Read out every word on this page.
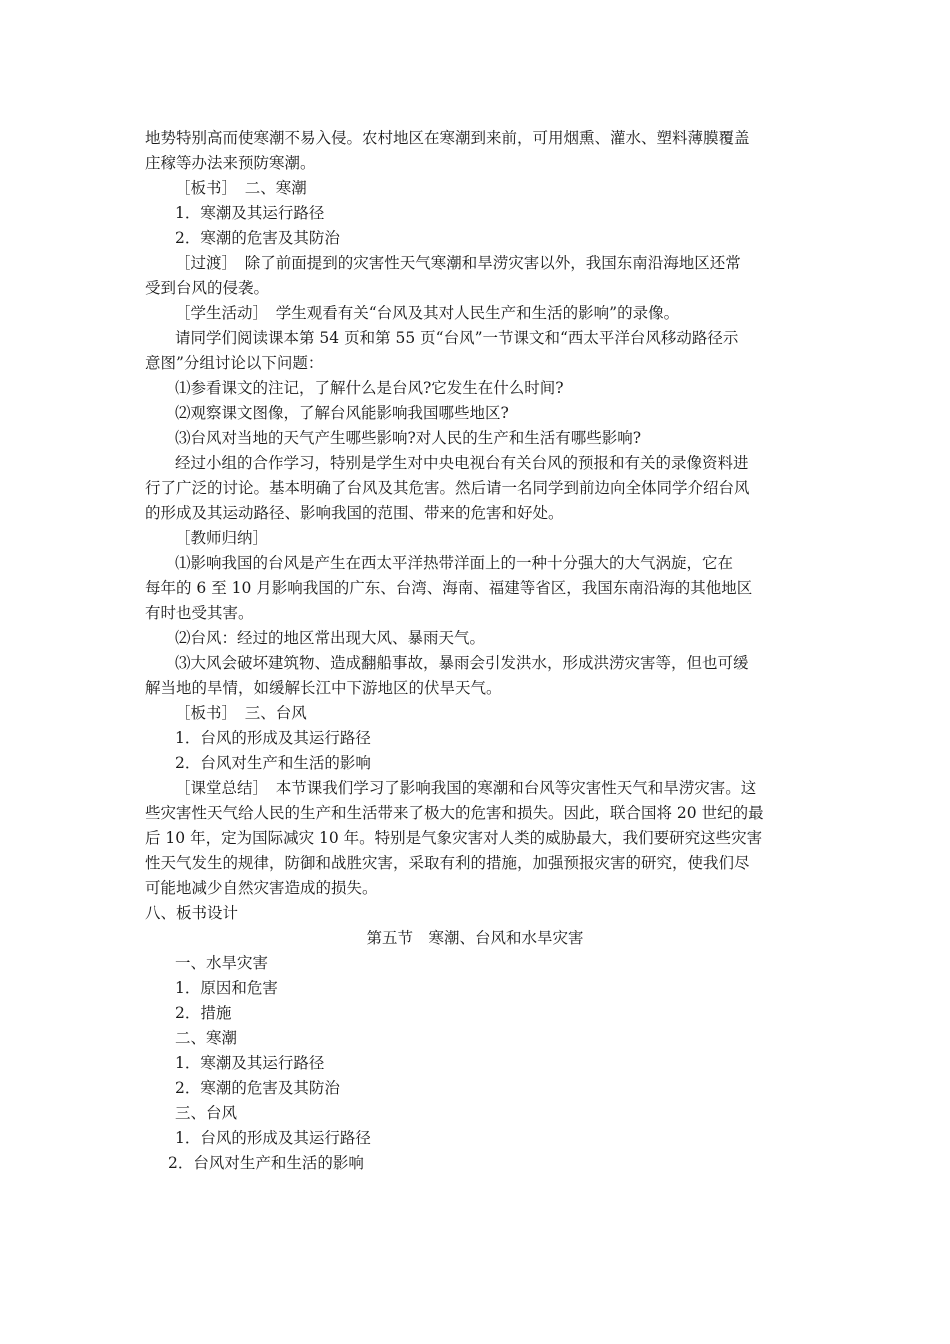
地势特别高而使寒潮不易入侵。农村地区在寒潮到来前，可用烟熏、灌水、塑料薄膜覆盖
庄稼等办法来预防寒潮。
［板书］　二、寒潮
1．寒潮及其运行路径
2．寒潮的危害及其防治
［过渡］　除了前面提到的灾害性天气寒潮和旱涝灾害以外，我国东南沿海地区还常
受到台风的侵袭。
［学生活动］　学生观看有关“台风及其对人民生产和生活的影响”的录像。
请同学们阅读课本第 54 页和第 55 页“台风”一节课文和“西太平洋台风移动路径示
意图”分组讨论以下问题：
⑴参看课文的注记，了解什么是台风?它发生在什么时间?
⑵观察课文图像，了解台风能影响我国哪些地区?
⑶台风对当地的天气产生哪些影响?对人民的生产和生活有哪些影响?
经过小组的合作学习，特别是学生对中央电视台有关台风的预报和有关的录像资料进
行了广泛的讨论。基本明确了台风及其危害。然后请一名同学到前边向全体同学介绍台风
的形成及其运动路径、影响我国的范围、带来的危害和好处。
［教师归纳］
⑴影响我国的台风是产生在西太平洋热带洋面上的一种十分强大的大气涡旋，它在
每年的 6 至 10 月影响我国的广东、台湾、海南、福建等省区，我国东南沿海的其他地区
有时也受其害。
⑵台风：经过的地区常出现大风、暴雨天气。
⑶大风会破坏建筑物、造成翻船事故，暴雨会引发洪水，形成洪涝灾害等，但也可缓
解当地的旱情，如缓解长江中下游地区的伏旱天气。
［板书］　三、台风
1．台风的形成及其运行路径
2．台风对生产和生活的影响
［课堂总结］　本节课我们学习了影响我国的寒潮和台风等灾害性天气和旱涝灾害。这
些灾害性天气给人民的生产和生活带来了极大的危害和损失。因此，联合国将 20 世纪的最
后 10 年，定为国际减灾 10 年。特别是气象灾害对人类的威胁最大，我们要研究这些灾害
性天气发生的规律，防御和战胜灾害，采取有利的措施，加强预报灾害的研究，使我们尽
可能地减少自然灾害造成的损失。
八、板书设计
第五节　寒潮、台风和水旱灾害
一、水旱灾害
1．原因和危害
2．措施
二、寒潮
1．寒潮及其运行路径
2．寒潮的危害及其防治
三、台风
1．台风的形成及其运行路径
2．台风对生产和生活的影响
